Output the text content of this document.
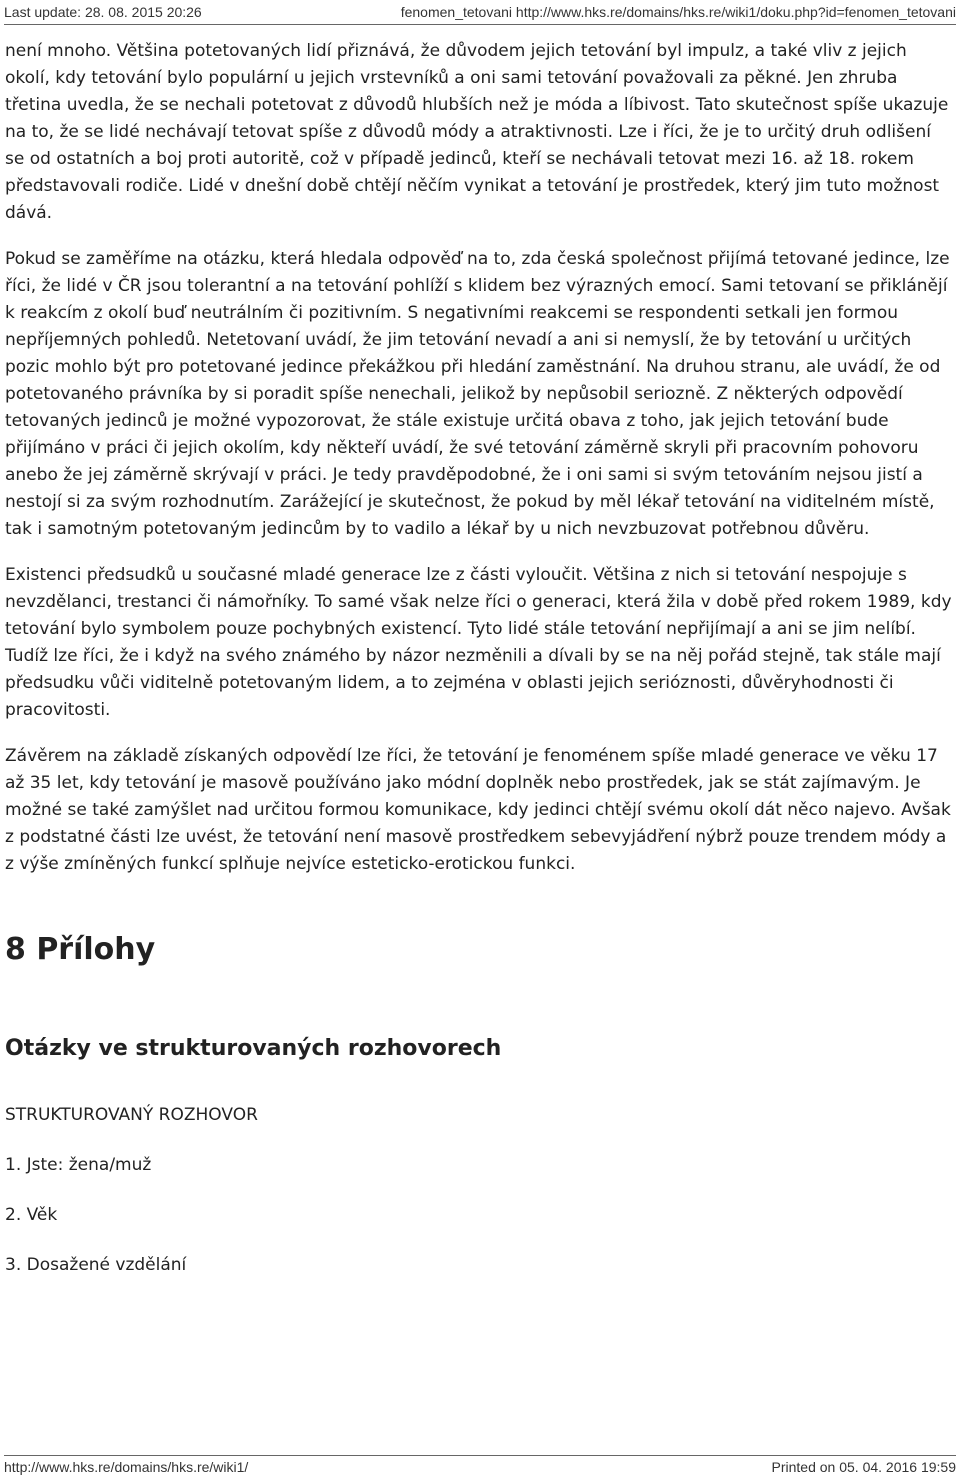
Last update: 28. 08. 2015 20:26	fenomen_tetovani http://www.hks.re/domains/hks.re/wiki1/doku.php?id=fenomen_tetovani

není mnoho. Většina potetovaných lidí přiznává, že důvodem jejich tetování byl impulz, a také vliv z jejich okolí, kdy tetování bylo populární u jejich vrstevníků a oni sami tetování považovali za pěkné. Jen zhruba třetina uvedla, že se nechali potetovat z důvodů hlubších než je móda a líbivost. Tato skutečnost spíše ukazuje na to, že se lidé nechávají tetovat spíše z důvodů módy a atraktivnosti. Lze i říci, že je to určitý druh odlišení se od ostatních a boj proti autoritě, což v případě jedinců, kteří se nechávali tetovat mezi 16. až 18. rokem představovali rodiče. Lidé v dnešní době chtějí něčím vynikat a tetování je prostředek, který jim tuto možnost dává.

Pokud se zaměříme na otázku, která hledala odpověď na to, zda česká společnost přijímá tetované jedince, lze říci, že lidé v ČR jsou tolerantní a na tetování pohlíží s klidem bez výrazných emocí. Sami tetovaní se přiklánějí k reakcím z okolí buď neutrálním či pozitivním. S negativními reakcemi se respondenti setkali jen formou nepříjemných pohledů. Netetovaní uvádí, že jim tetování nevadí a ani si nemyslí, že by tetování u určitých pozic mohlo být pro potetované jedince překážkou při hledání zaměstnání. Na druhou stranu, ale uvádí, že od potetovaného právníka by si poradit spíše nenechali, jelikož by nepůsobil seriozně. Z některých odpovědí tetovaných jedinců je možné vypozorovat, že stále existuje určitá obava z toho, jak jejich tetování bude přijímáno v práci či jejich okolím, kdy někteří uvádí, že své tetování záměrně skryli při pracovním pohovoru anebo že jej záměrně skrývají v práci. Je tedy pravděpodobné, že i oni sami si svým tetováním nejsou jistí a nestojí si za svým rozhodnutím. Zarážející je skutečnost, že pokud by měl lékař tetování na viditelném místě, tak i samotným potetovaným jedincům by to vadilo a lékař by u nich nevzbuzovat potřebnou důvěru.

Existenci předsudků u současné mladé generace lze z části vyloučit. Většina z nich si tetování nespojuje s nevzdělanci, trestanci či námořníky. To samé však nelze říci o generaci, která žila v době před rokem 1989, kdy tetování bylo symbolem pouze pochybných existencí. Tyto lidé stále tetování nepřijímají a ani se jim nelíbí. Tudíž lze říci, že i když na svého známého by názor nezměnili a dívali by se na něj pořád stejně, tak stále mají předsudku vůči viditelně potetovaným lidem, a to zejména v oblasti jejich serióznosti, důvěryhodnosti či pracovitosti.

Závěrem na základě získaných odpovědí lze říci, že tetování je fenoménem spíše mladé generace ve věku 17 až 35 let, kdy tetování je masově používáno jako módní doplněk nebo prostředek, jak se stát zajímavým. Je možné se také zamýšlet nad určitou formou komunikace, kdy jedinci chtějí svému okolí dát něco najevo. Avšak z podstatné části lze uvést, že tetování není masově prostředkem sebevyjádření nýbrž pouze trendem módy a z výše zmíněných funkcí splňuje nejvíce esteticko-erotickou funkci.

8 Přílohy
Otázky ve strukturovaných rozhovorech

STRUKTUROVANÝ ROZHOVOR

1. Jste: žena/muž

2. Věk

3. Dosažené vzdělání

http://www.hks.re/domains/hks.re/wiki1/	Printed on 05. 04. 2016 19:59
